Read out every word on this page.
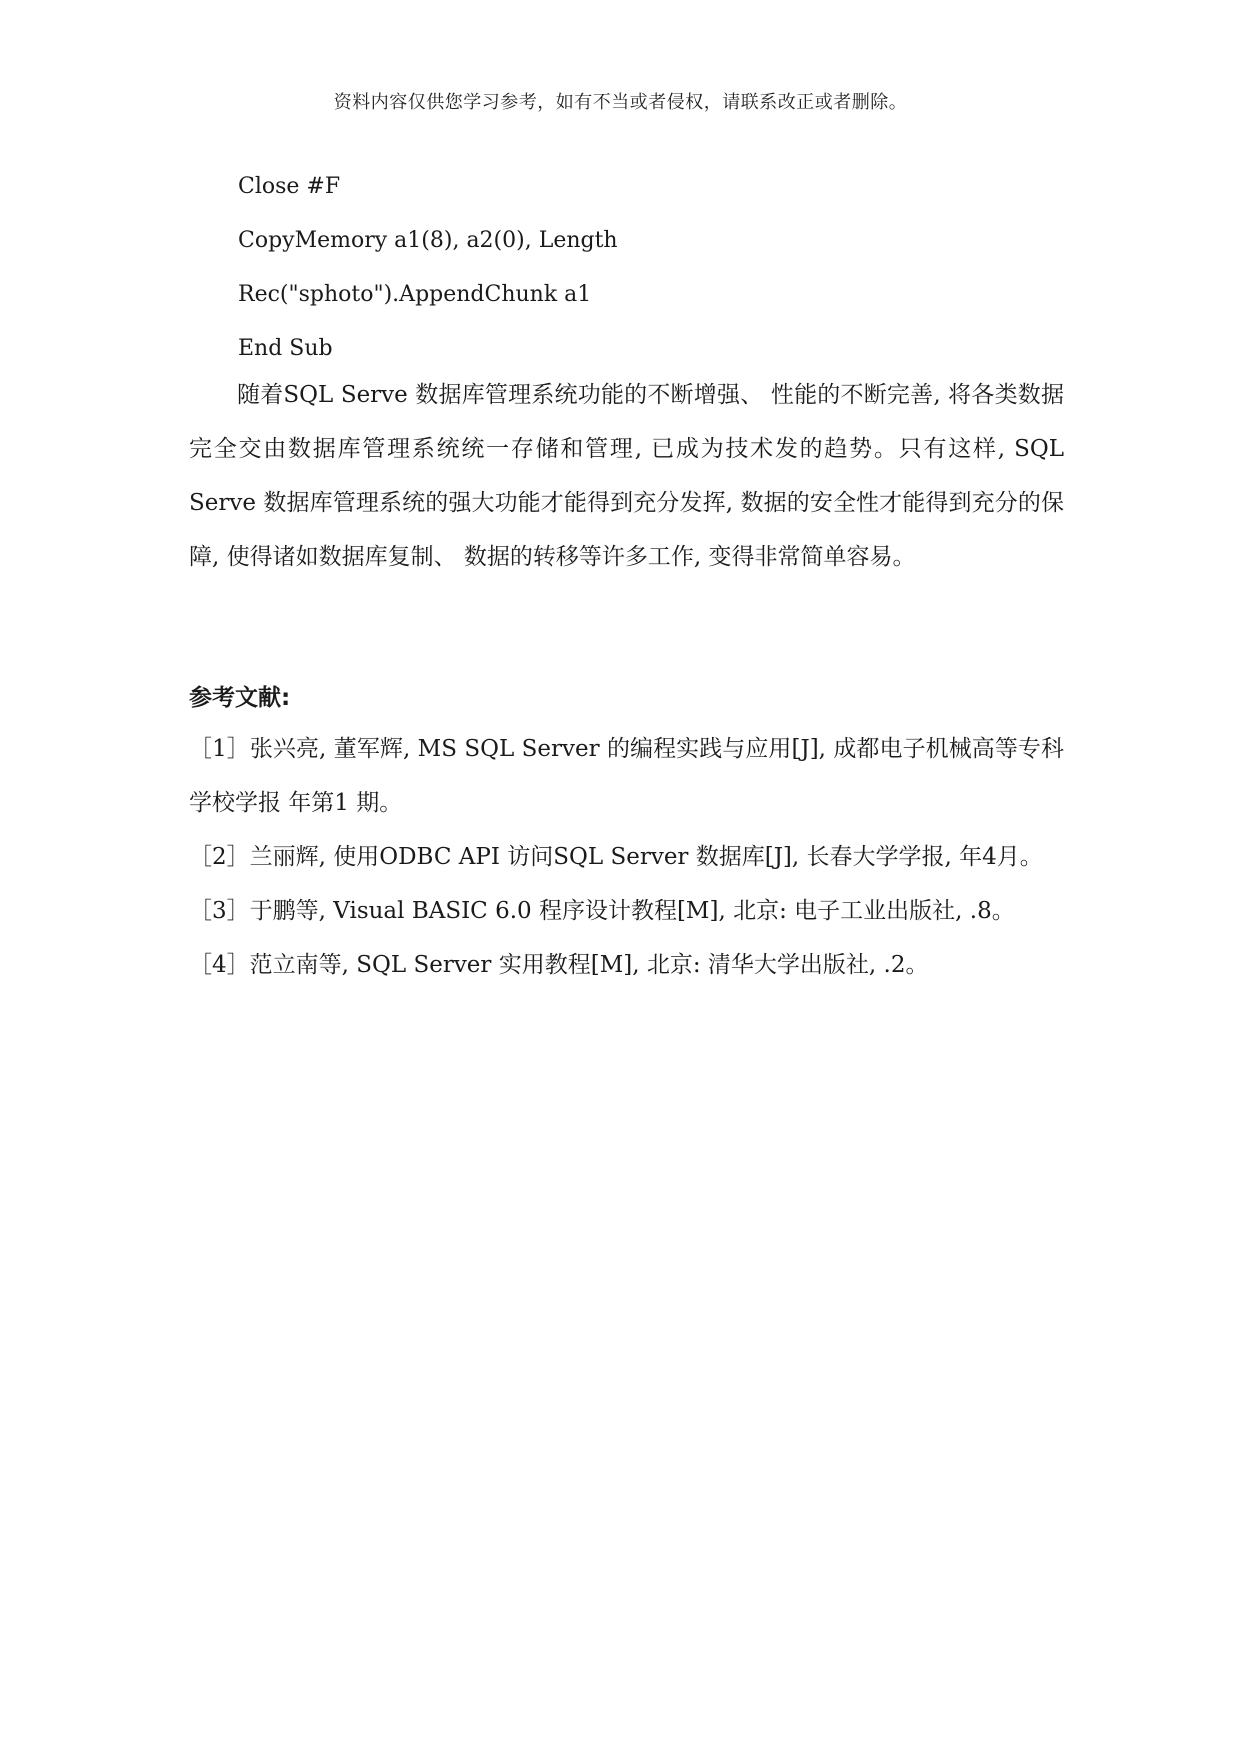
资料内容仅供您学习参考，如有不当或者侵权，请联系改正或者删除。
Close #F
CopyMemory a1(8), a2(0), Length
Rec("sphoto").AppendChunk a1
End Sub
随着SQL Serve 数据库管理系统功能的不断增强、 性能的不断完善, 将各类数据完全交由数据库管理系统统一存储和管理, 已成为技术发的趋势。只有这样, SQL Serve 数据库管理系统的强大功能才能得到充分发挥, 数据的安全性才能得到充分的保障, 使得诸如数据库复制、 数据的转移等许多工作, 变得非常简单容易。
参考文献:
［1］张兴亮, 董军辉, MS SQL Server 的编程实践与应用[J], 成都电子机械高等专科学校学报 年第1 期。
［2］兰丽辉, 使用ODBC API 访问SQL Server 数据库[J], 长春大学学报, 年4月。
［3］于鹏等, Visual BASIC 6.0 程序设计教程[M], 北京: 电子工业出版社, .8。
［4］范立南等, SQL Server 实用教程[M], 北京: 清华大学出版社, .2。
